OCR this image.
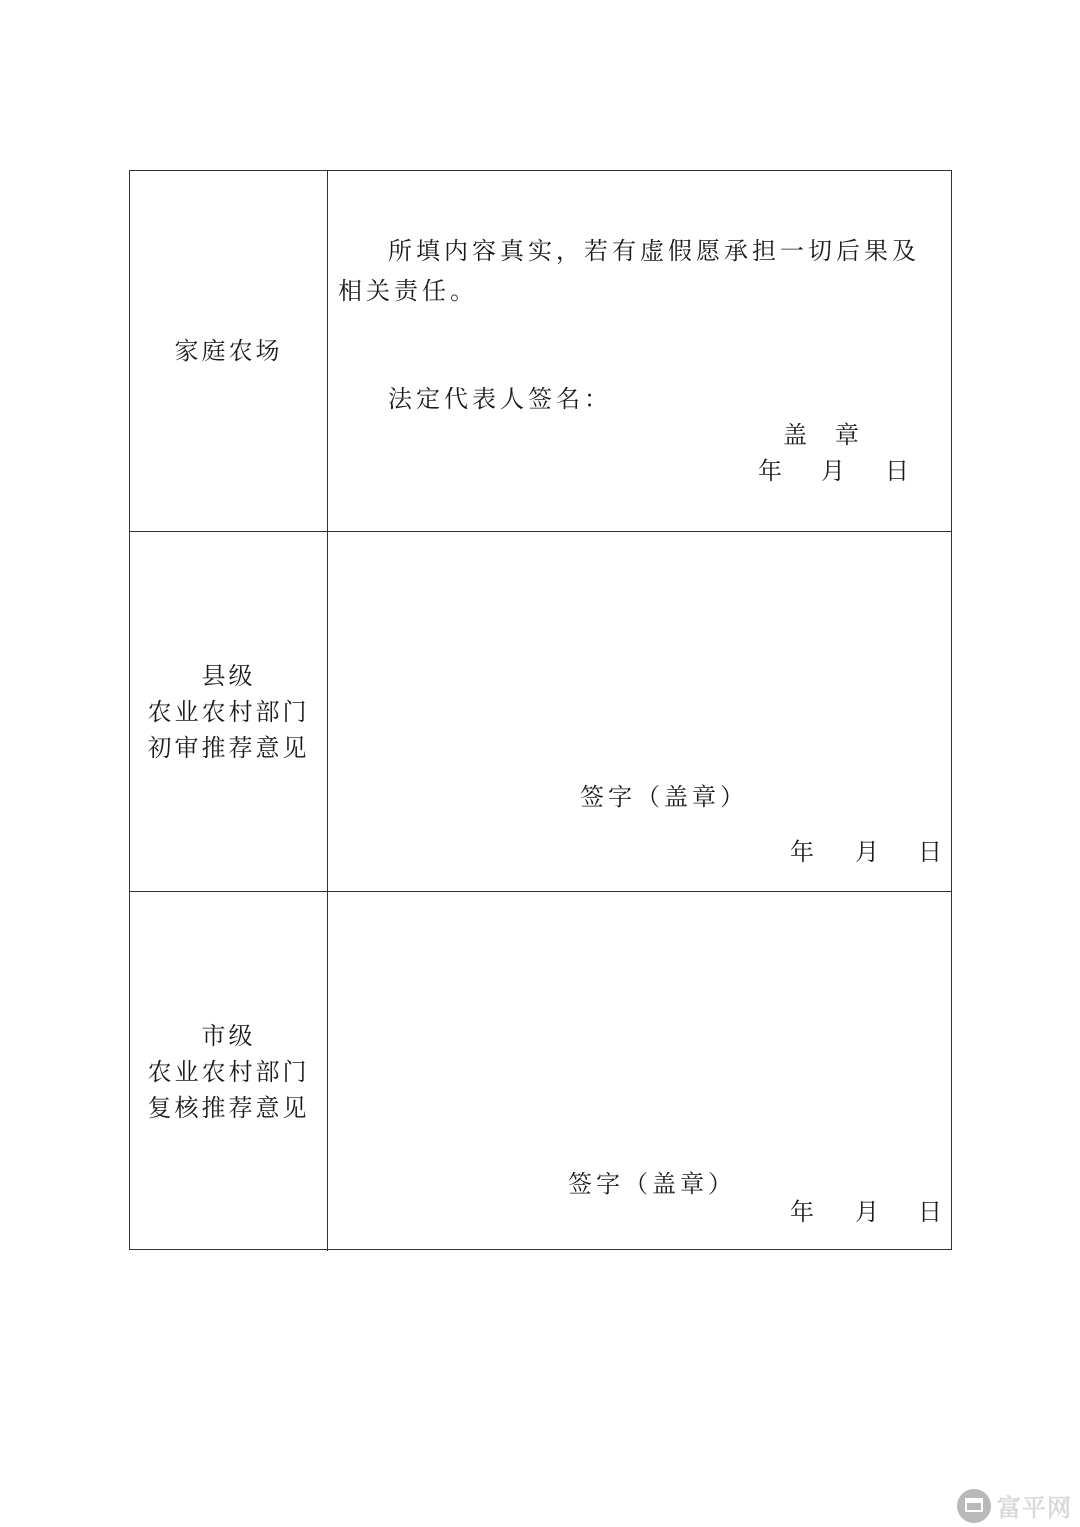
家庭农场
所填内容真实，若有虚假愿承担一切后果及相关责任。
法定代表人签名：
盖 章
年 月 日
县级
农业农村部门
初审推荐意见
签字（盖章）
年 月 日
市级
农业农村部门
复核推荐意见
签字（盖章）
年 月 日
富平网
